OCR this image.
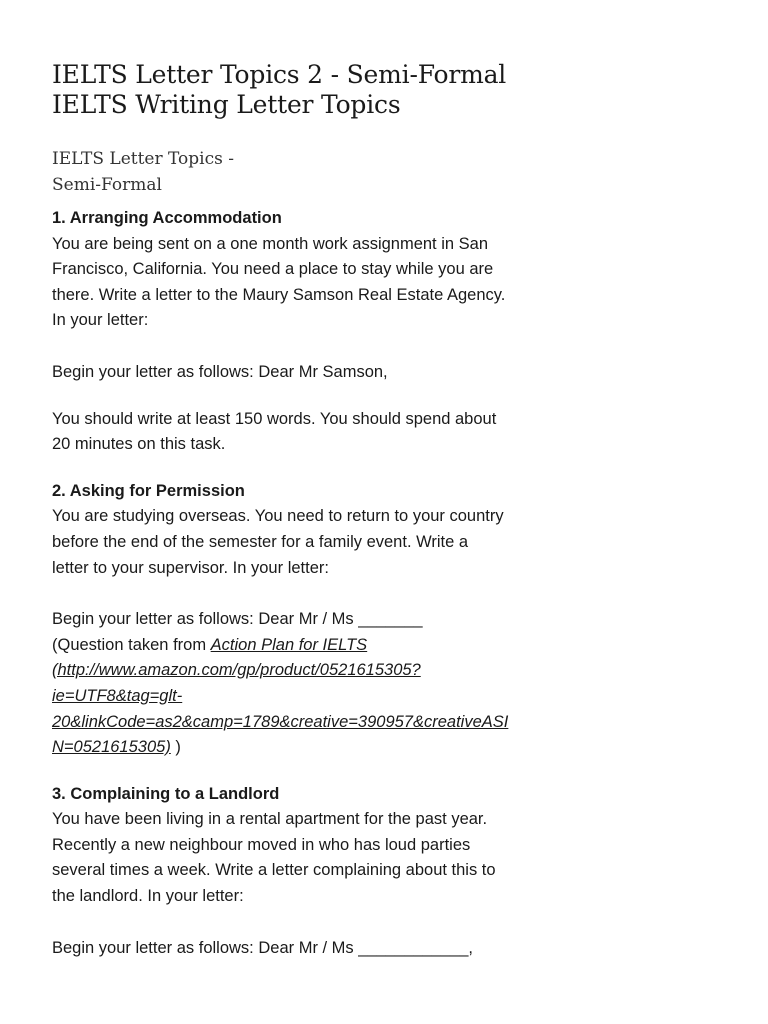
IELTS Letter Topics 2 - Semi-Formal
IELTS Writing Letter Topics
IELTS Letter Topics -
Semi-Formal

1. Arranging Accommodation

You are being sent on a one month work assignment in San
Francisco, California. You need a place to stay while you are
there. Write a letter to the Maury Samson Real Estate Agency.
In your letter:

Begin your letter as follows: Dear Mr Samson,

You should write at least 150 words. You should spend about
20 minutes on this task.

2. Asking for Permission

You are studying overseas. You need to return to your country
before the end of the semester for a family event. Write a
letter to your supervisor. In your letter:

Begin your letter as follows: Dear Mr / Ms _______

(Question taken from Action Plan for IELTS
(http://www.amazon.com/gp/product/0521615305?
ie=UTF8&tag=glt-
20&linkCode=as2&camp=1789&creative=390957&creativeASI
N=0521615305) )

3. Complaining to a Landlord

You have been living in a rental apartment for the past year.
Recently a new neighbour moved in who has loud parties
several times a week. Write a letter complaining about this to
the landlord. In your letter:

Begin your letter as follows: Dear Mr / Ms ____________,
